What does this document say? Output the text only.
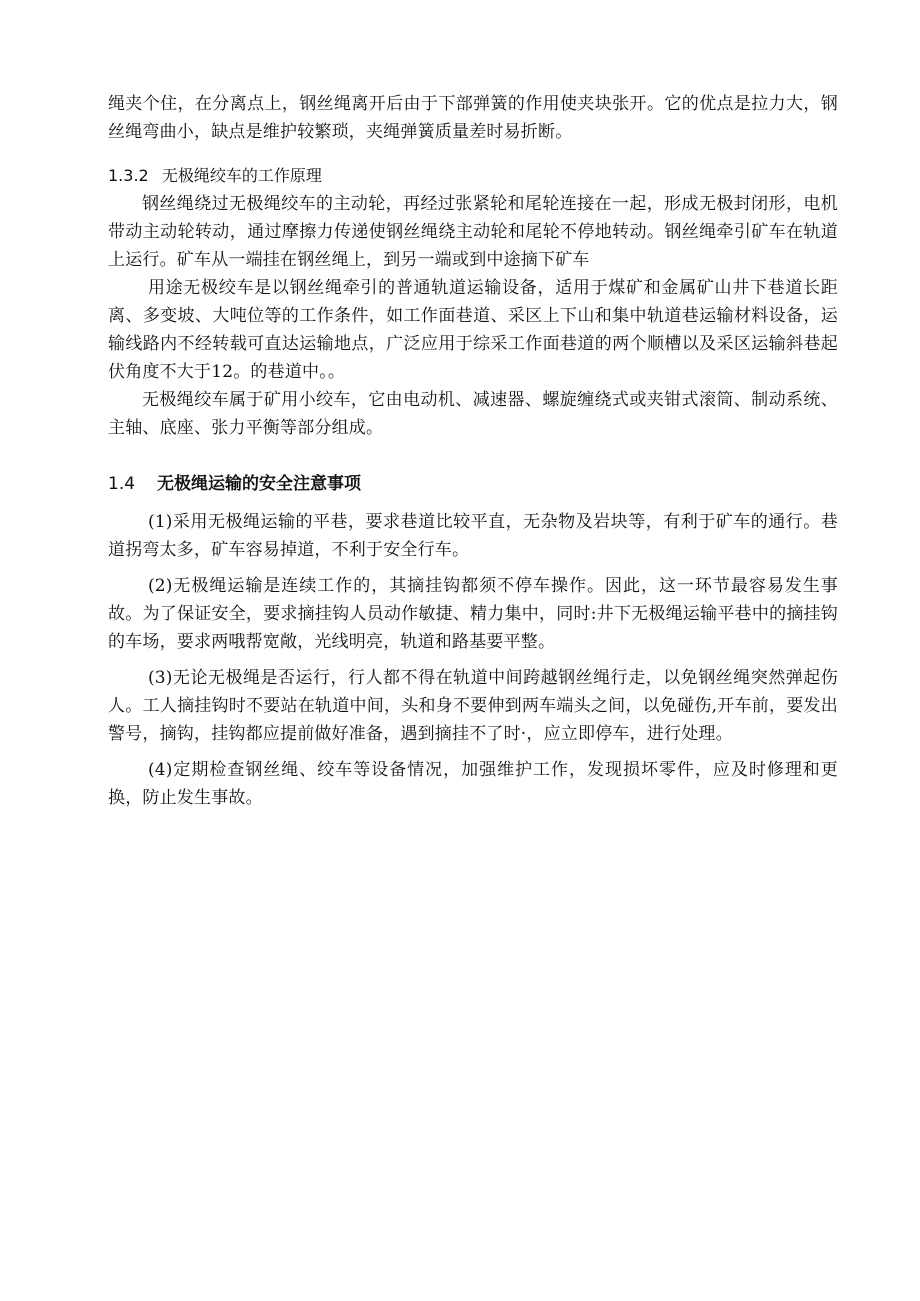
绳夹个住，在分离点上，钢丝绳离开后由于下部弹簧的作用使夹块张开。它的优点是拉力大，钢丝绳弯曲小，缺点是维护较繁琐，夹绳弹簧质量差时易折断。

1.3.2 无极绳绞车的工作原理

钢丝绳绕过无极绳绞车的主动轮，再经过张紧轮和尾轮连接在一起，形成无极封闭形，电机带动主动轮转动，通过摩擦力传递使钢丝绳绕主动轮和尾轮不停地转动。钢丝绳牵引矿车在轨道上运行。矿车从一端挂在钢丝绳上，到另一端或到中途摘下矿车

用途无极绞车是以钢丝绳牵引的普通轨道运输设备，适用于煤矿和金属矿山井下巷道长距离、多变坡、大吨位等的工作条件，如工作面巷道、采区上下山和集中轨道巷运输材料设备，运输线路内不经转载可直达运输地点，广泛应用于综采工作面巷道的两个顺槽以及采区运输斜巷起伏角度不大于12。的巷道中。。

无极绳绞车属于矿用小绞车，它由电动机、减速器、螺旋缠绕式或夹钳式滚筒、制动系统、主轴、底座、张力平衡等部分组成。

1.4 无极绳运输的安全注意事项

(1)采用无极绳运输的平巷，要求巷道比较平直，无杂物及岩块等，有利于矿车的通行。巷道拐弯太多，矿车容易掉道，不利于安全行车。

(2)无极绳运输是连续工作的，其摘挂钩都须不停车操作。因此，这一环节最容易发生事故。为了保证安全，要求摘挂钩人员动作敏捷、精力集中，同时:井下无极绳运输平巷中的摘挂钩的车场，要求两哦帮宽敞，光线明亮，轨道和路基要平整。

(3)无论无极绳是否运行，行人都不得在轨道中间跨越钢丝绳行走，以免钢丝绳突然弹起伤人。工人摘挂钩时不要站在轨道中间，头和身不要伸到两车端头之间，以免碰伤,开车前，要发出警号，摘钩，挂钩都应提前做好准备，遇到摘挂不了时·，应立即停车，进行处理。

(4)定期检查钢丝绳、绞车等设备情况，加强维护工作，发现损坏零件，应及时修理和更换，防止发生事故。
